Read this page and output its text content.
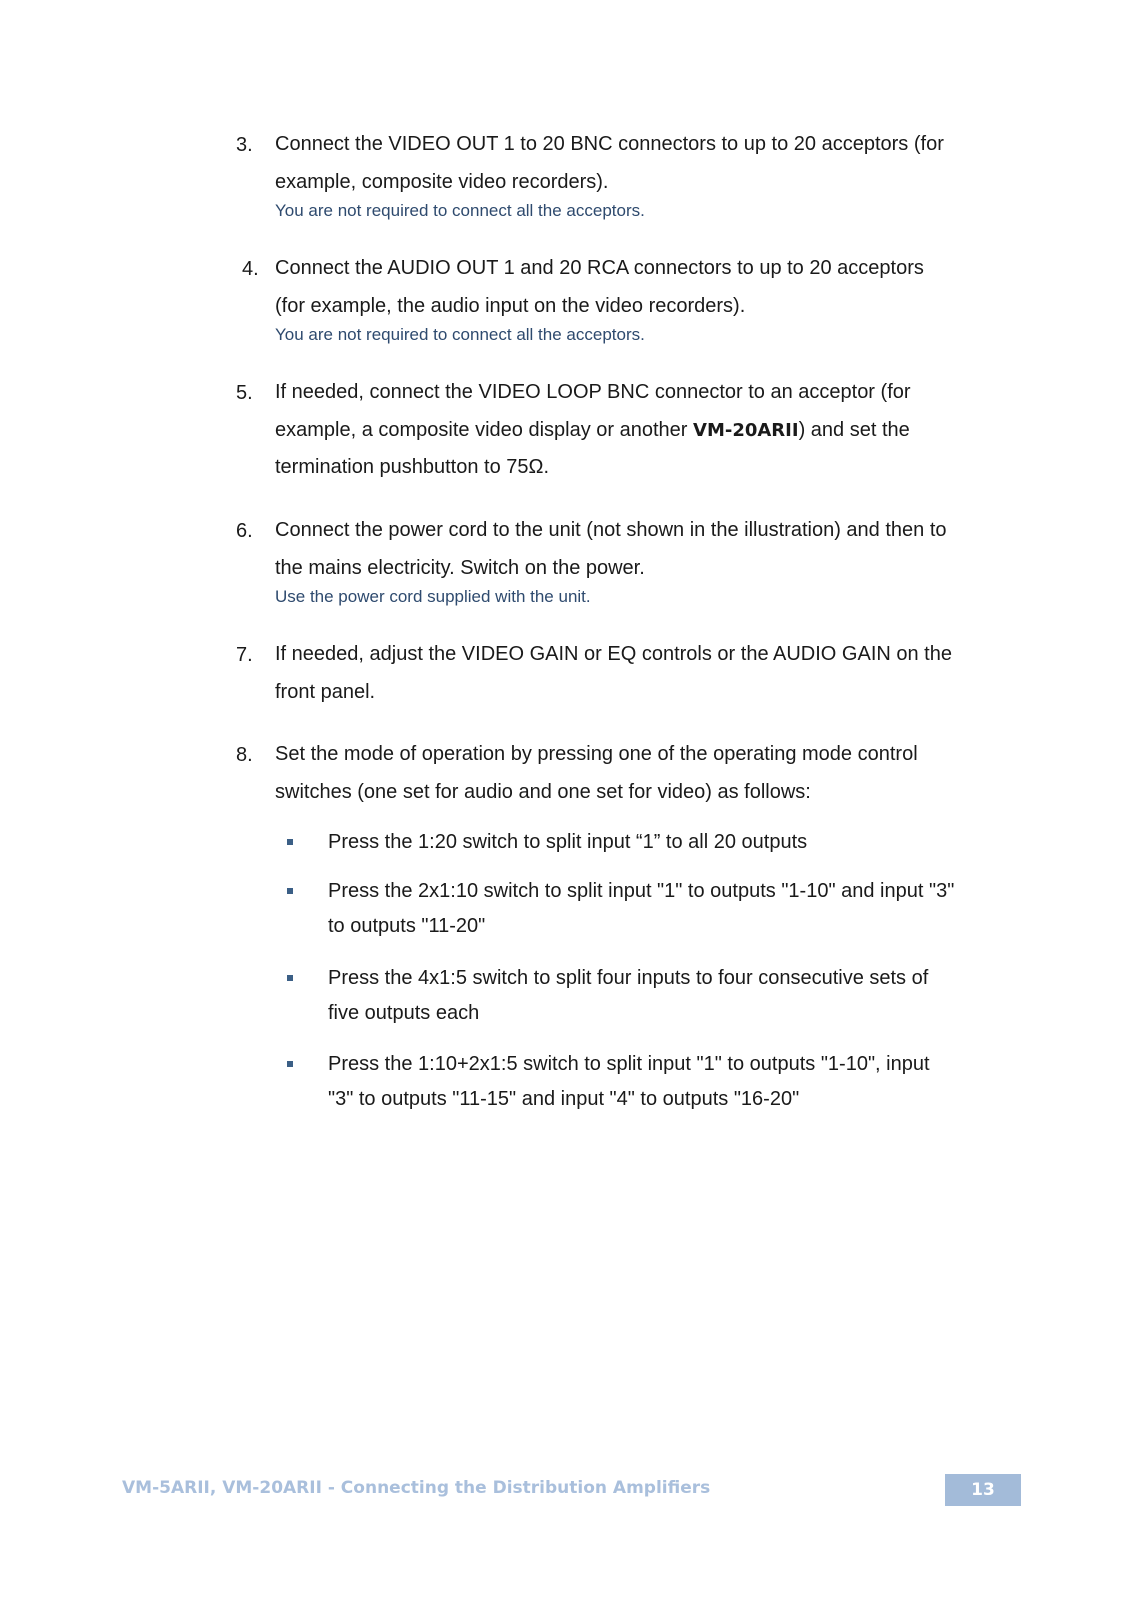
3. Connect the VIDEO OUT 1 to 20 BNC connectors to up to 20 acceptors (for
example, composite video recorders).
You are not required to connect all the acceptors.
4. Connect the AUDIO OUT 1 and 20 RCA connectors to up to 20 acceptors
(for example, the audio input on the video recorders).
You are not required to connect all the acceptors.
5. If needed, connect the VIDEO LOOP BNC connector to an acceptor (for
example, a composite video display or another VM-20ARII) and set the
termination pushbutton to 75Ω.
6. Connect the power cord to the unit (not shown in the illustration) and then to
the mains electricity. Switch on the power.
Use the power cord supplied with the unit.
7. If needed, adjust the VIDEO GAIN or EQ controls or the AUDIO GAIN on the
front panel.
8. Set the mode of operation by pressing one of the operating mode control
switches (one set for audio and one set for video) as follows:
Press the 1:20 switch to split input “1” to all 20 outputs
Press the 2x1:10 switch to split input "1" to outputs "1-10" and input "3"
to outputs "11-20"
Press the 4x1:5 switch to split four inputs to four consecutive sets of
five outputs each
Press the 1:10+2x1:5 switch to split input "1" to outputs "1-10", input
"3" to outputs "11-15" and input "4" to outputs "16-20"
VM-5ARII, VM-20ARII - Connecting the Distribution Amplifiers	13
